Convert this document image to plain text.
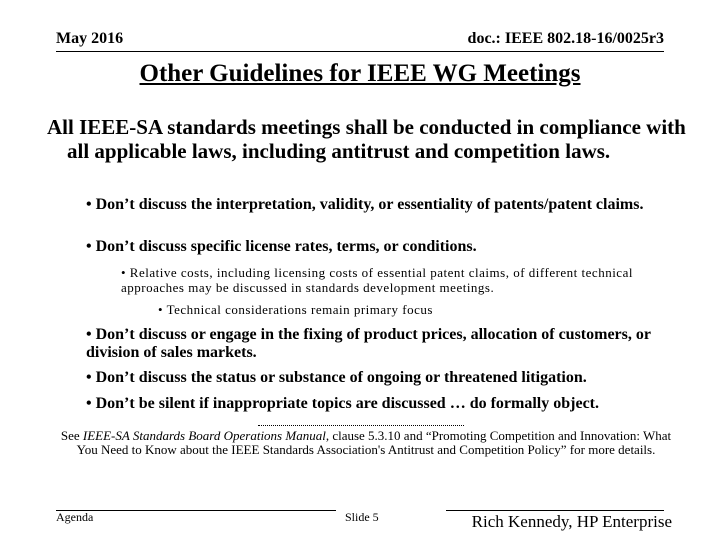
May 2016	doc.: IEEE 802.18-16/0025r3
Other Guidelines for IEEE WG Meetings
All IEEE-SA standards meetings shall be conducted in compliance with all applicable laws, including antitrust and competition laws.
• Don’t discuss the interpretation, validity, or essentiality of patents/patent claims.
• Don’t discuss specific license rates, terms, or conditions.
• Relative costs, including licensing costs of essential patent claims, of different technical approaches may be discussed in standards development meetings.
• Technical considerations remain primary focus
• Don’t discuss or engage in the fixing of product prices, allocation of customers, or division of sales markets.
• Don’t discuss the status or substance of ongoing or threatened litigation.
• Don’t be silent if inappropriate topics are discussed … do formally object.
See IEEE-SA Standards Board Operations Manual, clause 5.3.10 and “Promoting Competition and Innovation: What You Need to Know about the IEEE Standards Association's Antitrust and Competition Policy” for more details.
Agenda	Slide 5	Rich Kennedy, HP Enterprise
